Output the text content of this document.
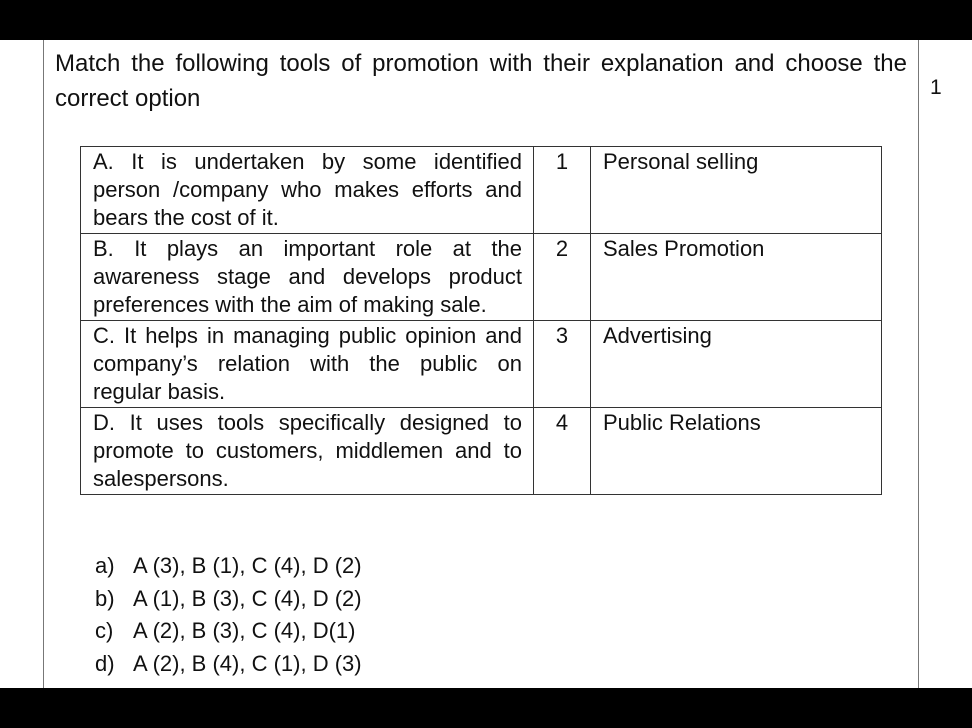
Match the following tools of promotion with their explanation and choose the correct option	1
A. It is undertaken by some identified person /company who makes efforts and bears the cost of it.	1	Personal selling
B. It plays an important role at the awareness stage and develops product preferences with the aim of making sale.	2	Sales Promotion
C. It helps in managing public opinion and company’s relation with the public on regular basis.	3	Advertising
D. It uses tools specifically designed to promote to customers, middlemen and to salespersons.	4	Public Relations
a) A (3), B (1), C (4), D (2)
b) A (1), B (3), C (4), D (2)
c) A (2), B (3), C (4), D(1)
d) A (2), B (4), C (1), D (3)
